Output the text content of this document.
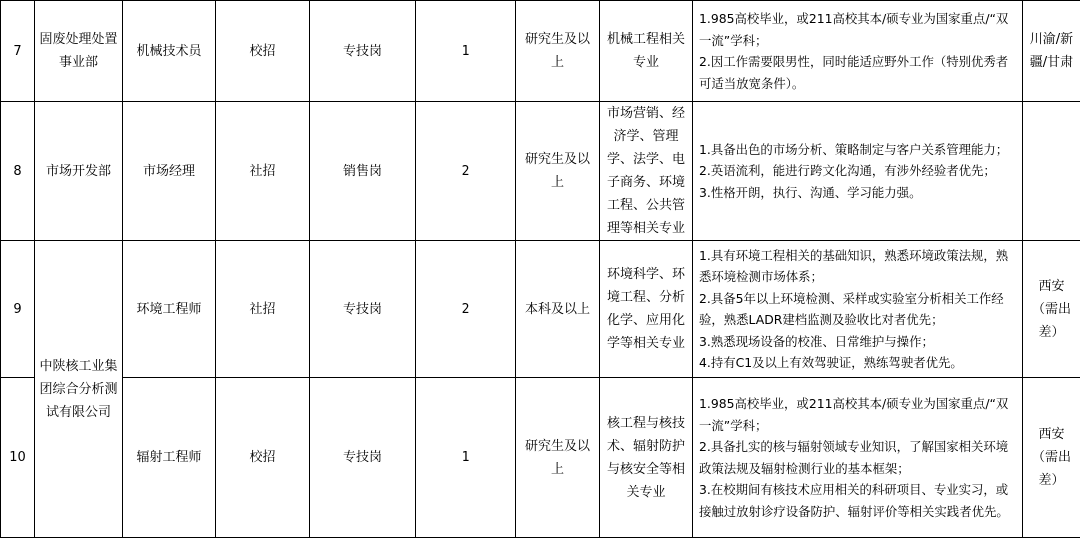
7	固废处理处置事业部	机械技术员	校招	专技岗	1	研究生及以上	机械工程相关专业	1.985高校毕业，或211高校其本/硕专业为国家重点/“双一流”学科；
2.因工作需要限男性，同时能适应野外工作（特别优秀者可适当放宽条件）。	川渝/新疆/甘肃
8	市场开发部	市场经理	社招	销售岗	2	研究生及以上	市场营销、经济学、管理学、法学、电子商务、环境工程、公共管理等相关专业	1.具备出色的市场分析、策略制定与客户关系管理能力；
2.英语流利，能进行跨文化沟通，有涉外经验者优先；
3.性格开朗，执行、沟通、学习能力强。	

9	中陕核工业集团综合分析测试有限公司	环境工程师	社招	专技岗	2	本科及以上	环境科学、环境工程、分析化学、应用化学等相关专业	1.具有环境工程相关的基础知识，熟悉环境政策法规，熟悉环境检测市场体系；
2.具备5年以上环境检测、采样或实验室分析相关工作经验，熟悉LADR建档监测及验收比对者优先；
3.熟悉现场设备的校准、日常维护与操作；
4.持有C1及以上有效驾驶证，熟练驾驶者优先。	西安（需出差）
10		辐射工程师	校招	专技岗	1	研究生及以上	核工程与核技术、辐射防护与核安全等相关专业	1.985高校毕业，或211高校其本/硕专业为国家重点/“双一流”学科；
2.具备扎实的核与辐射领域专业知识，了解国家相关环境政策法规及辐射检测行业的基本框架；
3.在校期间有核技术应用相关的科研项目、专业实习，或接触过放射诊疗设备防护、辐射评价等相关实践者优先。	西安（需出差）
